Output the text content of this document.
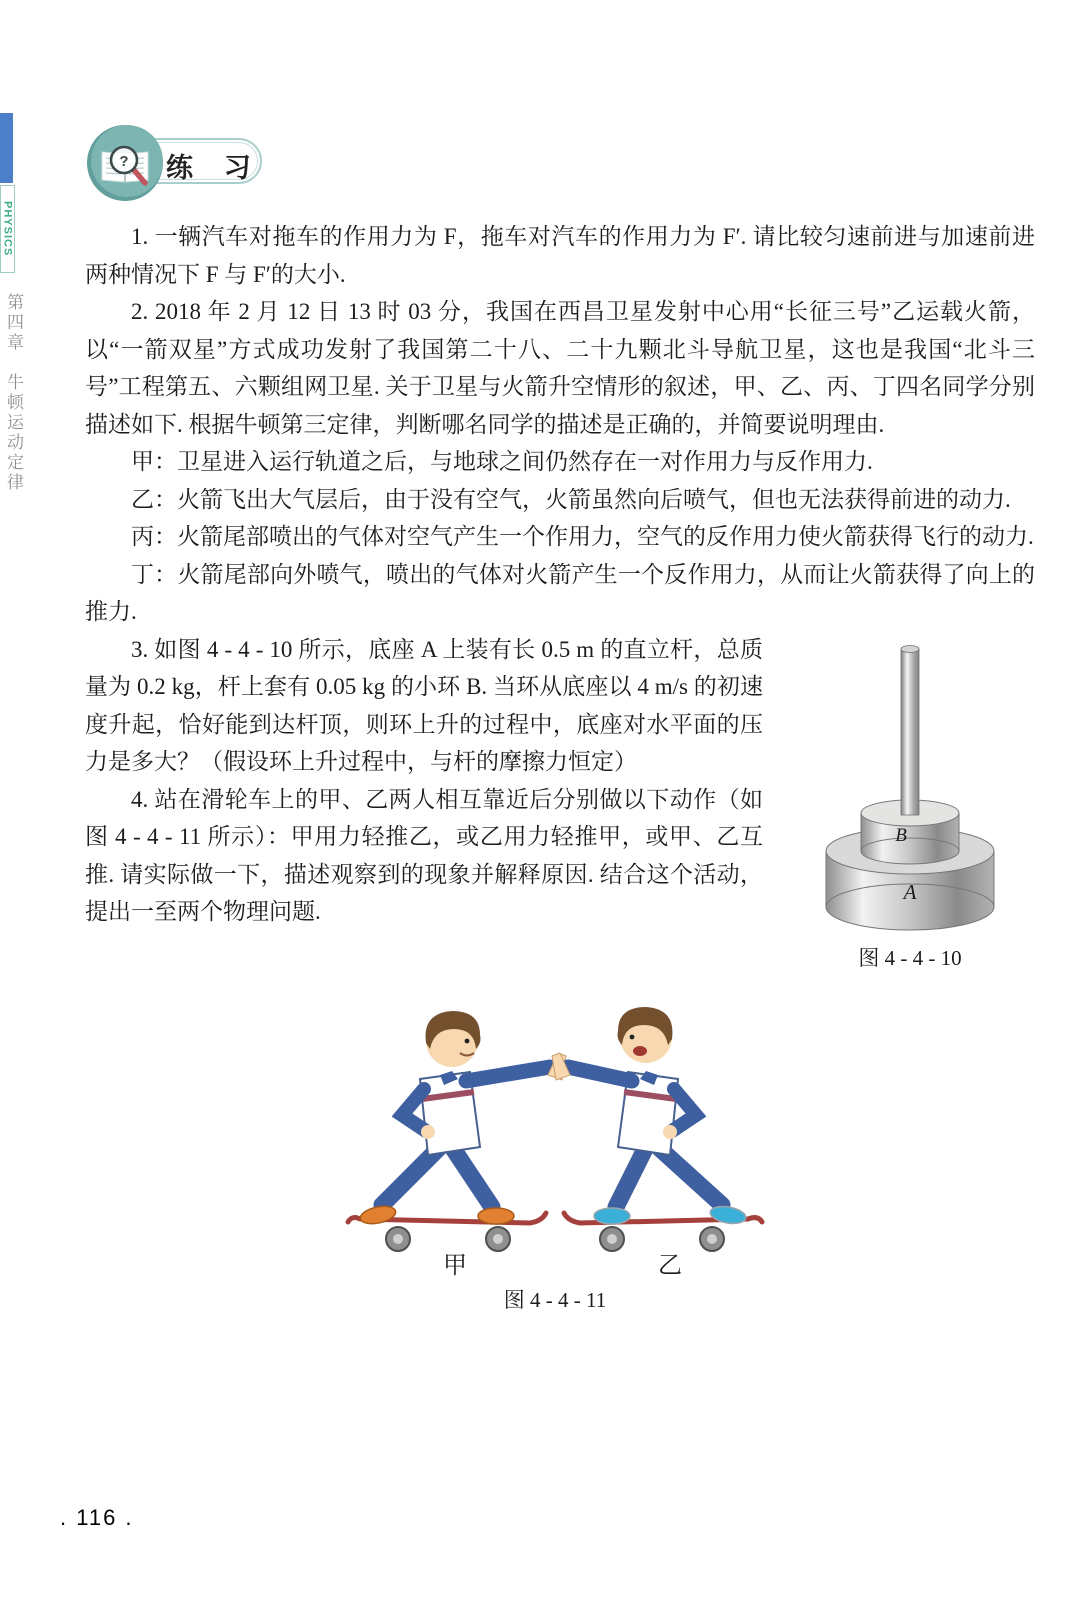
PHYSICS
第四章牛顿运动定律
练 习
?

1. 一辆汽车对拖车的作用力为 F，拖车对汽车的作用力为 F′. 请比较匀速前进与加速前进两种情况下 F 与 F′的大小.

2. 2018 年 2 月 12 日 13 时 03 分，我国在西昌卫星发射中心用“长征三号”乙运载火箭，以“一箭双星”方式成功发射了我国第二十八、二十九颗北斗导航卫星，这也是我国“北斗三号”工程第五、六颗组网卫星. 关于卫星与火箭升空情形的叙述，甲、乙、丙、丁四名同学分别描述如下. 根据牛顿第三定律，判断哪名同学的描述是正确的，并简要说明理由.

甲：卫星进入运行轨道之后，与地球之间仍然存在一对作用力与反作用力.

乙：火箭飞出大气层后，由于没有空气，火箭虽然向后喷气，但也无法获得前进的动力.

丙：火箭尾部喷出的气体对空气产生一个作用力，空气的反作用力使火箭获得飞行的动力.

丁：火箭尾部向外喷气，喷出的气体对火箭产生一个反作用力，从而让火箭获得了向上的推力.

B
A
图 4 - 4 - 10

3. 如图 4 - 4 - 10 所示，底座 A 上装有长 0.5 m 的直立杆，总质量为 0.2 kg，杆上套有 0.05 kg 的小环 B. 当环从底座以 4 m/s 的初速度升起，恰好能到达杆顶，则环上升的过程中，底座对水平面的压力是多大？（假设环上升过程中，与杆的摩擦力恒定）

4. 站在滑轮车上的甲、乙两人相互靠近后分别做以下动作（如图 4 - 4 - 11 所示）：甲用力轻推乙，或乙用力轻推甲，或甲、乙互推. 请实际做一下，描述观察到的现象并解释原因. 结合这个活动，提出一至两个物理问题.

甲	乙
图 4 - 4 - 11
. 116 .
